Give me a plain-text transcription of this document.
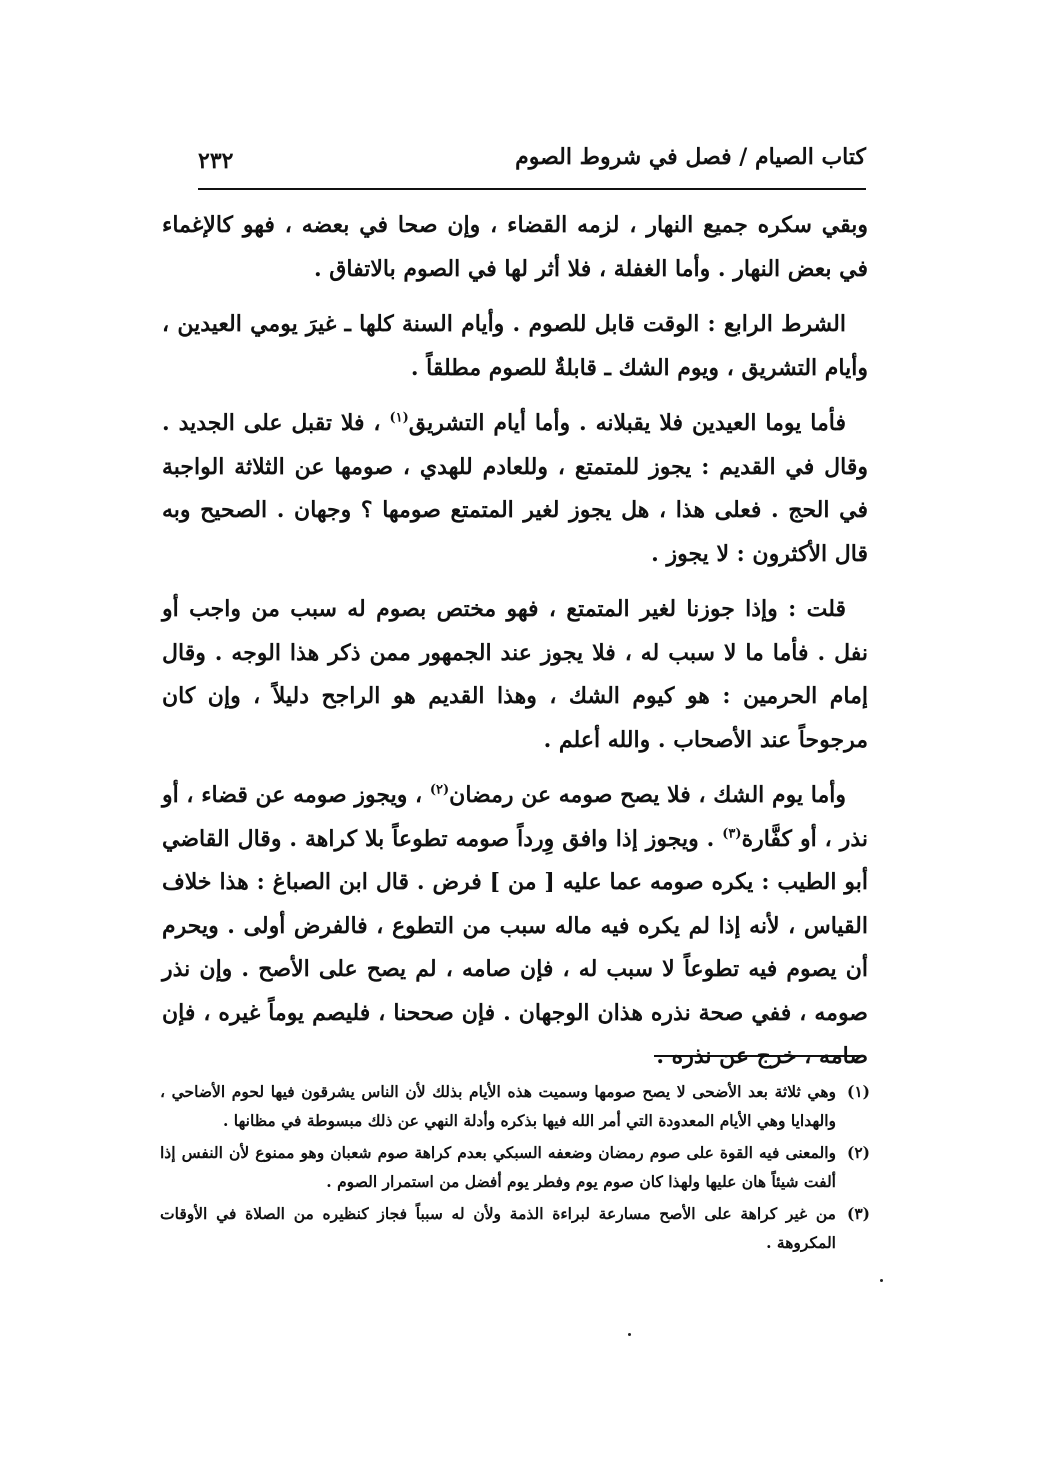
كتاب الصيام / فصل في شروط الصوم
٢٣٢

وبقي سكره جميع النهار ، لزمه القضاء ، وإن صحا في بعضه ، فهو كالإغماء في بعض النهار . وأما الغفلة ، فلا أثر لها في الصوم بالاتفاق .

الشرط الرابع : الوقت قابل للصوم . وأيام السنة كلها ـ غيرَ يومي العيدين ، وأيام التشريق ، ويوم الشك ـ قابلةٌ للصوم مطلقاً .

فأما يوما العيدين فلا يقبلانه . وأما أيام التشريق$^{(١)}$ ، فلا تقبل على الجديد . وقال في القديم : يجوز للمتمتع ، وللعادم للهدي ، صومها عن الثلاثة الواجبة في الحج . فعلى هذا ، هل يجوز لغير المتمتع صومها ؟ وجهان . الصحيح وبه قال الأكثرون : لا يجوز .

قلت : وإذا جوزنا لغير المتمتع ، فهو مختص بصوم له سبب من واجب أو نفل . فأما ما لا سبب له ، فلا يجوز عند الجمهور ممن ذكر هذا الوجه . وقال إمام الحرمين : هو كيوم الشك ، وهذا القديم هو الراجح دليلاً ، وإن كان مرجوحاً عند الأصحاب . والله أعلم .

وأما يوم الشك ، فلا يصح صومه عن رمضان$^{(٢)}$ ، ويجوز صومه عن قضاء ، أو نذر ، أو كفَّارة$^{(٣)}$ . ويجوز إذا وافق وِرداً صومه تطوعاً بلا كراهة . وقال القاضي أبو الطيب : يكره صومه عما عليه [ من ] فرض . قال ابن الصباغ : هذا خلاف القياس ، لأنه إذا لم يكره فيه ماله سبب من التطوع ، فالفرض أولى . ويحرم أن يصوم فيه تطوعاً لا سبب له ، فإن صامه ، لم يصح على الأصح . وإن نذر صومه ، ففي صحة نذره هذان الوجهان . فإن صححنا ، فليصم يوماً غيره ، فإن صامه ، خرج عن نذره .

(١)
وهي ثلاثة بعد الأضحى لا يصح صومها وسميت هذه الأيام بذلك لأن الناس يشرقون فيها لحوم الأضاحي ، والهدايا وهي الأيام المعدودة التي أمر الله فيها بذكره وأدلة النهي عن ذلك مبسوطة في مظانها .
(٢)
والمعنى فيه القوة على صوم رمضان وضعفه السبكي بعدم كراهة صوم شعبان وهو ممنوع لأن النفس إذا ألفت شيئاً هان عليها ولهذا كان صوم يوم وفطر يوم أفضل من استمرار الصوم .
(٣)
من غير كراهة على الأصح مسارعة لبراءة الذمة ولأن له سبباً فجاز كنظيره من الصلاة في الأوقات المكروهة .
